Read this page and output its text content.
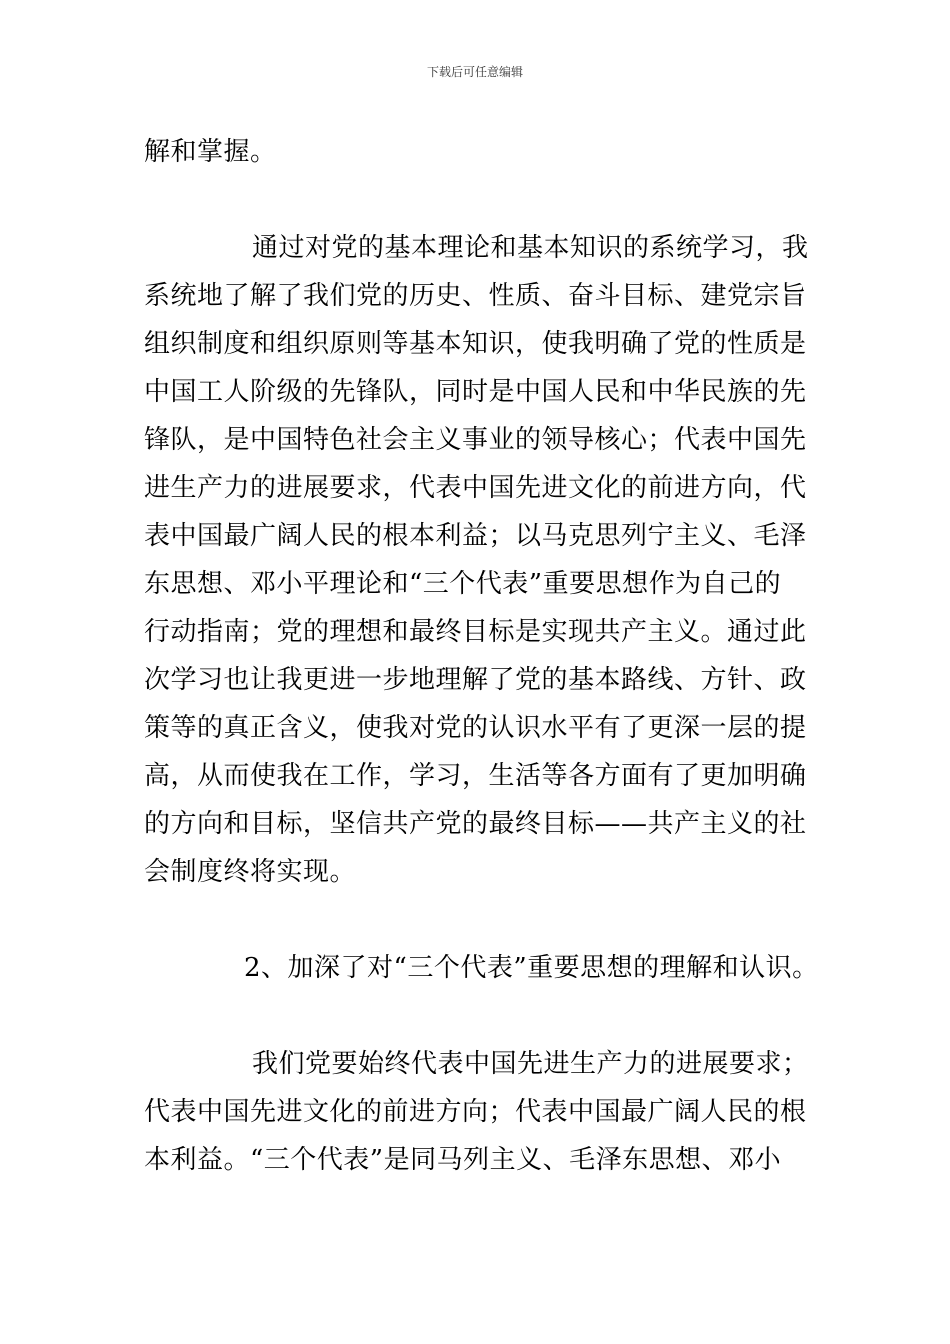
下载后可任意编辑
解和掌握。
通过对党的基本理论和基本知识的系统学习，我
系统地了解了我们党的历史、性质、奋斗目标、建党宗旨
组织制度和组织原则等基本知识，使我明确了党的性质是
中国工人阶级的先锋队，同时是中国人民和中华民族的先
锋队，是中国特色社会主义事业的领导核心；代表中国先
进生产力的进展要求，代表中国先进文化的前进方向，代
表中国最广阔人民的根本利益；以马克思列宁主义、毛泽
东思想、邓小平理论和“三个代表”重要思想作为自己的
行动指南；党的理想和最终目标是实现共产主义。通过此
次学习也让我更进一步地理解了党的基本路线、方针、政
策等的真正含义，使我对党的认识水平有了更深一层的提
高，从而使我在工作，学习，生活等各方面有了更加明确
的方向和目标，坚信共产党的最终目标——共产主义的社
会制度终将实现。
2、加深了对“三个代表”重要思想的理解和认识。
我们党要始终代表中国先进生产力的进展要求；
代表中国先进文化的前进方向；代表中国最广阔人民的根
本利益。“三个代表”是同马列主义、毛泽东思想、邓小
